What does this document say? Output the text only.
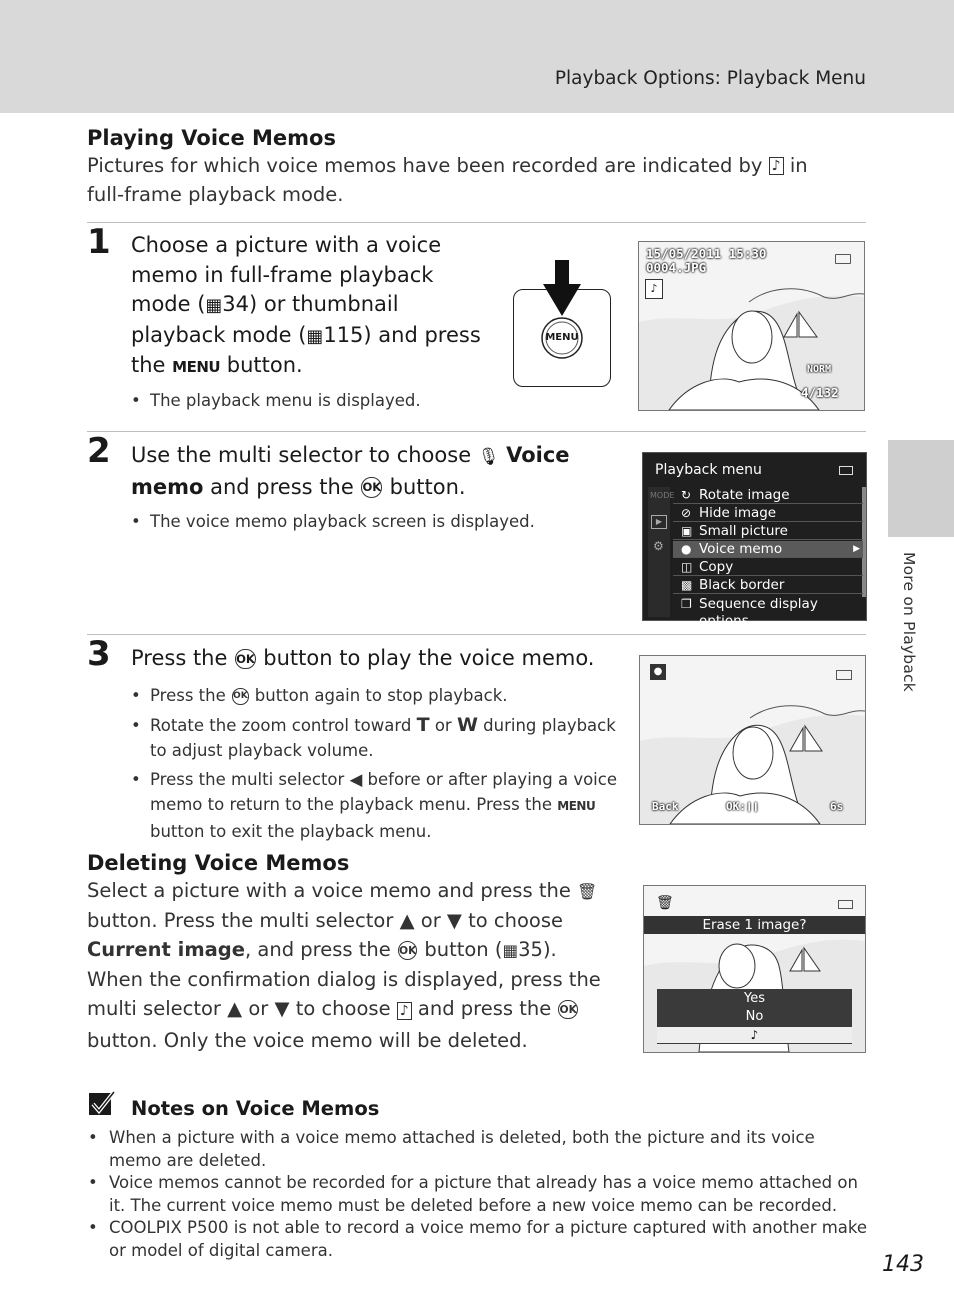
Playback Options: Playback Menu
More on Playback
Playing Voice Memos
Pictures for which voice memos have been recorded are indicated by ♪ in full-frame playback mode.
1 Choose a picture with a voice memo in full-frame playback mode (▦34) or thumbnail playback mode (▦115) and press the MENU button.
• The playback menu is displayed.
MENU
15/05/2011 15:30
0004.JPG
♪
NORM
4/132
2 Use the multi selector to choose 🎙 Voice memo and press the OK button.
• The voice memo playback screen is displayed.
Playback menu
MODE
▶
⚙
↻ Rotate image
⊘ Hide image
▣ Small picture
● Voice memo	▶
◫ Copy
▩ Black border
❐ Sequence display options
3 Press the OK button to play the voice memo.
• Press the OK button again to stop playback.
• Rotate the zoom control toward T or W during playback to adjust playback volume.
• Press the multi selector ◀ before or after playing a voice memo to return to the playback menu. Press the MENU button to exit the playback menu.
●
Back	OK:❙❙	6s
Deleting Voice Memos
Select a picture with a voice memo and press the 🗑 button. Press the multi selector ▲ or ▼ to choose Current image, and press the OK button (▦35). When the confirmation dialog is displayed, press the multi selector ▲ or ▼ to choose ♪ and press the OK button. Only the voice memo will be deleted.
🗑
Erase 1 image?
Yes
No
♪
Notes on Voice Memos
• When a picture with a voice memo attached is deleted, both the picture and its voice memo are deleted.
• Voice memos cannot be recorded for a picture that already has a voice memo attached on it. The current voice memo must be deleted before a new voice memo can be recorded.
• COOLPIX P500 is not able to record a voice memo for a picture captured with another make or model of digital camera.
143
